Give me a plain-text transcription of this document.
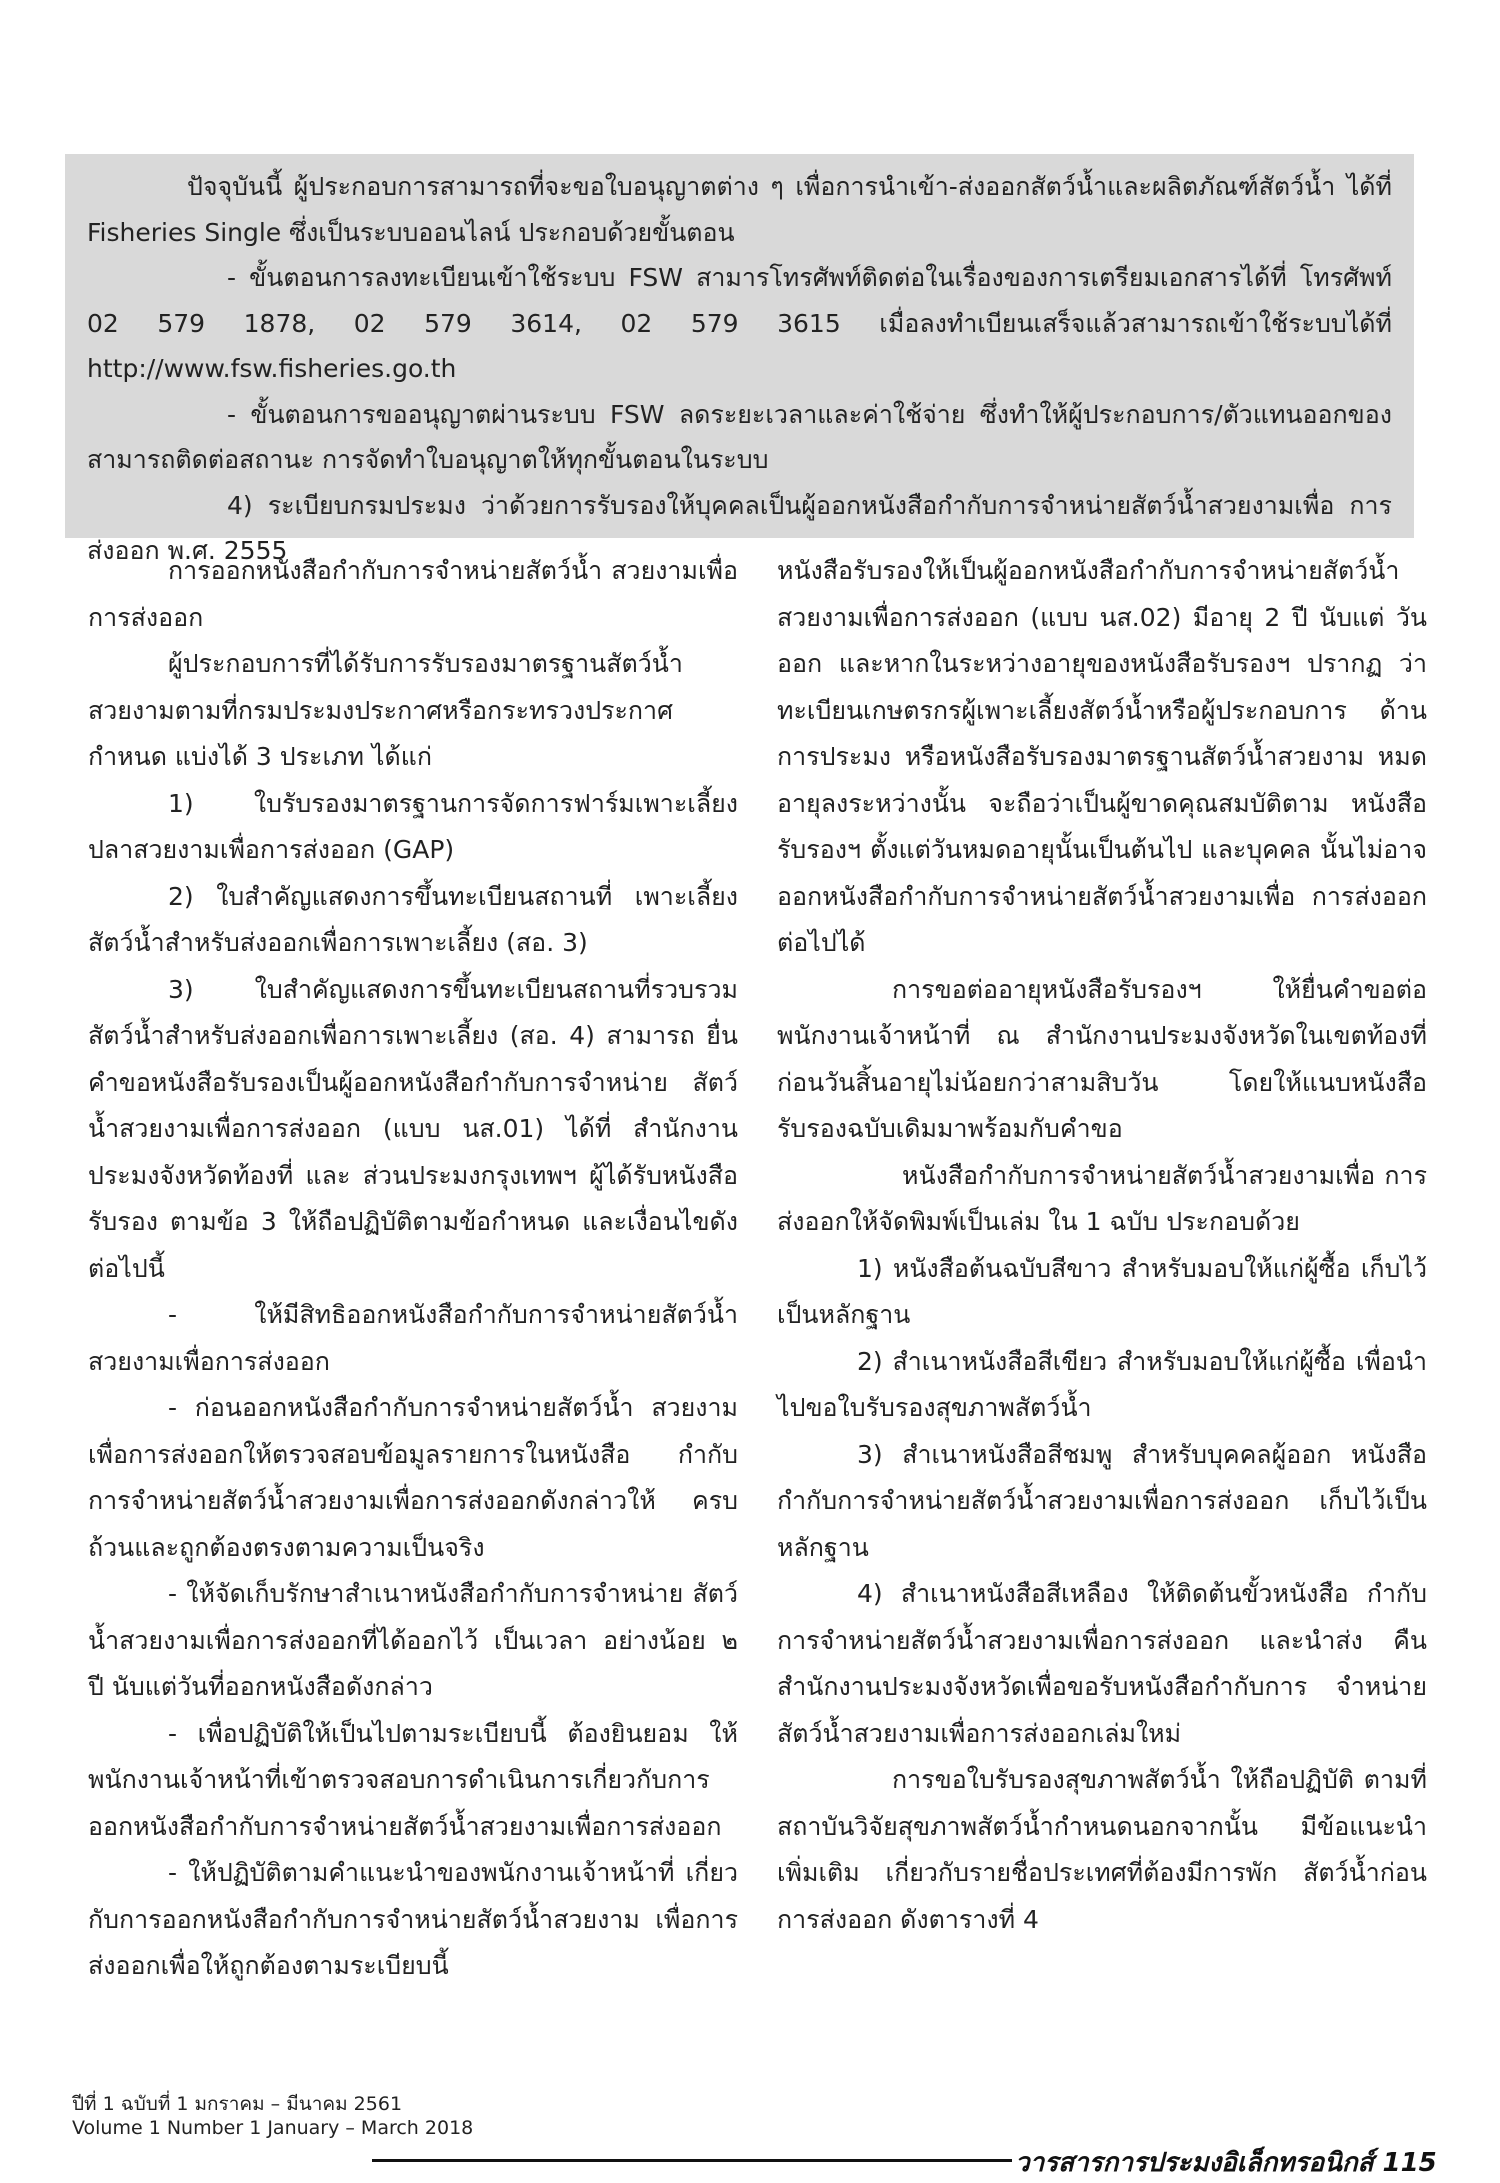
ปัจจุบันนี้ ผู้ประกอบการสามารถที่จะขอใบอนุญาตต่าง ๆ เพื่อการนำเข้า-ส่งออกสัตว์น้ำและผลิตภัณฑ์สัตว์น้ำ ได้ที่ Fisheries Single ซึ่งเป็นระบบออนไลน์ ประกอบด้วยขั้นตอน

- ขั้นตอนการลงทะเบียนเข้าใช้ระบบ FSW สามารโทรศัพท์ติดต่อในเรื่องของการเตรียมเอกสารได้ที่ โทรศัพท์ 02 579 1878, 02 579 3614, 02 579 3615 เมื่อลงทำเบียนเสร็จแล้วสามารถเข้าใช้ระบบได้ที่ http://www.fsw.fisheries.go.th

- ขั้นตอนการขออนุญาตผ่านระบบ FSW ลดระยะเวลาและค่าใช้จ่าย ซึ่งทำให้ผู้ประกอบการ/ตัวแทนออกของ สามารถติดต่อสถานะ การจัดทำใบอนุญาตให้ทุกขั้นตอนในระบบ

4) ระเบียบกรมประมง ว่าด้วยการรับรองให้บุคคลเป็นผู้ออกหนังสือกำกับการจำหน่ายสัตว์น้ำสวยงามเพื่อ การส่งออก พ.ศ. 2555

การออกหนังสือกำกับการจำหน่ายสัตว์น้ำ สวยงามเพื่อการส่งออก

ผู้ประกอบการที่ได้รับการรับรองมาตรฐานสัตว์น้ำ สวยงามตามที่กรมประมงประกาศหรือกระทรวงประกาศ กำหนด แบ่งได้ 3 ประเภท ได้แก่

1) ใบรับรองมาตรฐานการจัดการฟาร์มเพาะเลี้ยง ปลาสวยงามเพื่อการส่งออก (GAP)

2) ใบสำคัญแสดงการขึ้นทะเบียนสถานที่ เพาะเลี้ยงสัตว์น้ำสำหรับส่งออกเพื่อการเพาะเลี้ยง (สอ. 3)

3) ใบสำคัญแสดงการขึ้นทะเบียนสถานที่รวบรวม สัตว์น้ำสำหรับส่งออกเพื่อการเพาะเลี้ยง (สอ. 4) สามารถ ยื่นคำขอหนังสือรับรองเป็นผู้ออกหนังสือกำกับการจำหน่าย สัตว์น้ำสวยงามเพื่อการส่งออก (แบบ นส.01) ได้ที่ สำนักงานประมงจังหวัดท้องที่ และ ส่วนประมงกรุงเทพฯ ผู้ได้รับหนังสือรับรอง ตามข้อ 3 ให้ถือปฏิบัติตามข้อกำหนด และเงื่อนไขดังต่อไปนี้

- ให้มีสิทธิออกหนังสือกำกับการจำหน่ายสัตว์น้ำ สวยงามเพื่อการส่งออก

- ก่อนออกหนังสือกำกับการจำหน่ายสัตว์น้ำ สวยงามเพื่อการส่งออกให้ตรวจสอบข้อมูลรายการในหนังสือ กำกับการจำหน่ายสัตว์น้ำสวยงามเพื่อการส่งออกดังกล่าวให้ ครบถ้วนและถูกต้องตรงตามความเป็นจริง

- ให้จัดเก็บรักษาสำเนาหนังสือกำกับการจำหน่าย สัตว์น้ำสวยงามเพื่อการส่งออกที่ได้ออกไว้ เป็นเวลา อย่างน้อย ๒ ปี นับแต่วันที่ออกหนังสือดังกล่าว

- เพื่อปฏิบัติให้เป็นไปตามระเบียบนี้ ต้องยินยอม ให้พนักงานเจ้าหน้าที่เข้าตรวจสอบการดำเนินการเกี่ยวกับการ ออกหนังสือกำกับการจำหน่ายสัตว์น้ำสวยงามเพื่อการส่งออก

- ให้ปฏิบัติตามคำแนะนำของพนักงานเจ้าหน้าที่ เกี่ยวกับการออกหนังสือกำกับการจำหน่ายสัตว์น้ำสวยงาม เพื่อการส่งออกเพื่อให้ถูกต้องตามระเบียบนี้

หนังสือรับรองให้เป็นผู้ออกหนังสือกำกับการจำหน่ายสัตว์น้ำ สวยงามเพื่อการส่งออก (แบบ นส.02) มีอายุ 2 ปี นับแต่ วันออก และหากในระหว่างอายุของหนังสือรับรองฯ ปรากฏ ว่า ทะเบียนเกษตรกรผู้เพาะเลี้ยงสัตว์น้ำหรือผู้ประกอบการ ด้านการประมง หรือหนังสือรับรองมาตรฐานสัตว์น้ำสวยงาม หมดอายุลงระหว่างนั้น จะถือว่าเป็นผู้ขาดคุณสมบัติตาม หนังสือรับรองฯ ตั้งแต่วันหมดอายุนั้นเป็นต้นไป และบุคคล นั้นไม่อาจออกหนังสือกำกับการจำหน่ายสัตว์น้ำสวยงามเพื่อ การส่งออกต่อไปได้

การขอต่ออายุหนังสือรับรองฯ ให้ยื่นคำขอต่อ พนักงานเจ้าหน้าที่ ณ สำนักงานประมงจังหวัดในเขตท้องที่ ก่อนวันสิ้นอายุไม่น้อยกว่าสามสิบวัน โดยให้แนบหนังสือ รับรองฉบับเดิมมาพร้อมกับคำขอ

หนังสือกำกับการจำหน่ายสัตว์น้ำสวยงามเพื่อ การส่งออกให้จัดพิมพ์เป็นเล่ม ใน 1 ฉบับ ประกอบด้วย

1) หนังสือต้นฉบับสีขาว สำหรับมอบให้แก่ผู้ซื้อ เก็บไว้เป็นหลักฐาน

2) สำเนาหนังสือสีเขียว สำหรับมอบให้แก่ผู้ซื้อ เพื่อนำไปขอใบรับรองสุขภาพสัตว์น้ำ

3) สำเนาหนังสือสีชมพู สำหรับบุคคลผู้ออก หนังสือกำกับการจำหน่ายสัตว์น้ำสวยงามเพื่อการส่งออก เก็บไว้เป็นหลักฐาน

4) สำเนาหนังสือสีเหลือง ให้ติดต้นขั้วหนังสือ กำกับการจำหน่ายสัตว์น้ำสวยงามเพื่อการส่งออก และนำส่ง คืนสำนักงานประมงจังหวัดเพื่อขอรับหนังสือกำกับการ จำหน่ายสัตว์น้ำสวยงามเพื่อการส่งออกเล่มใหม่

การขอใบรับรองสุขภาพสัตว์น้ำ ให้ถือปฏิบัติ ตามที่สถาบันวิจัยสุขภาพสัตว์น้ำกำหนดนอกจากนั้น มีข้อแนะนำเพิ่มเติม เกี่ยวกับรายชื่อประเทศที่ต้องมีการพัก สัตว์น้ำก่อนการส่งออก ดังตารางที่ 4

ปีที่ 1 ฉบับที่ 1 มกราคม – มีนาคม 2561
Volume 1 Number 1 January – March 2018
วารสารการประมงอิเล็กทรอนิกส์ 115
